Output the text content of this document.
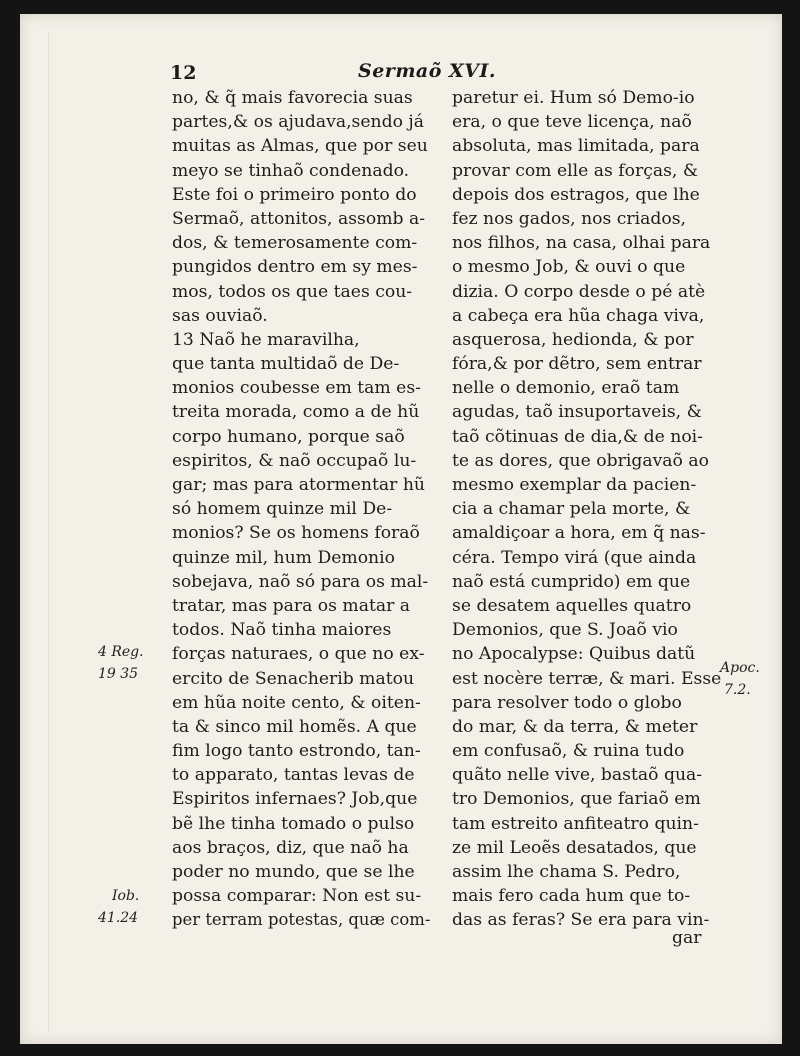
12	Sermaõ XVI.
no, & q̃ mais favorecia suas
partes,& os ajudava,sendo já
muitas as Almas, que por seu
meyo se tinhaõ condenado.
Este foi o primeiro ponto do
Sermaõ, attonitos, assomb a-
dos, & temerosamente com-
pungidos dentro em sy mes-
mos, todos os que taes cou-
sas ouviaõ.
13 Naõ he maravilha,
que tanta multidaõ de De-
monios coubesse em tam es-
treita morada, como a de hũ
corpo humano, porque saõ
espiritos, & naõ occupaõ lu-
gar; mas para atormentar hũ
só homem quinze mil De-
monios? Se os homens foraõ
quinze mil, hum Demonio
sobejava, naõ só para os mal-
tratar, mas para os matar a
todos. Naõ tinha maiores
forças naturaes, o que no ex-
ercito de Senacherib matou
em hũa noite cento, & oiten-
ta & sinco mil homẽs. A que
fim logo tanto estrondo, tan-
to apparato, tantas levas de
Espiritos infernaes? Job,que
bẽ lhe tinha tomado o pulso
aos braços, diz, que naõ ha
poder no mundo, que se lhe
possa comparar: Non est su-
per terram potestas, quæ com-
paretur ei. Hum só Demo-io
era, o que teve licença, naõ
absoluta, mas limitada, para
provar com elle as forças, &
depois dos estragos, que lhe
fez nos gados, nos criados,
nos filhos, na casa, olhai para
o mesmo Job, & ouvi o que
dizia. O corpo desde o pé atè
a cabeça era hũa chaga viva,
asquerosa, hedionda, & por
fóra,& por dẽtro, sem entrar
nelle o demonio, eraõ tam
agudas, taõ insuportaveis, &
taõ cõtinuas de dia,& de noi-
te as dores, que obrigavaõ ao
mesmo exemplar da pacien-
cia a chamar pela morte, &
amaldiçoar a hora, em q̃ nas-
céra. Tempo virá (que ainda
naõ está cumprido) em que
se desatem aquelles quatro
Demonios, que S. Joaõ vio
no Apocalypse: Quibus datũ
est nocère terræ, & mari. Esse
para resolver todo o globo
do mar, & da terra, & meter
em confusaõ, & ruina tudo
quãto nelle vive, bastaõ qua-
tro Demonios, que fariaõ em
tam estreito anfiteatro quin-
ze mil Leoẽs desatados, que
assim lhe chama S. Pedro,
mais fero cada hum que to-
das as feras? Se era para vin-
4 Reg.
19 35
Iob.
41.24
Apoc.
7.2.
gar
